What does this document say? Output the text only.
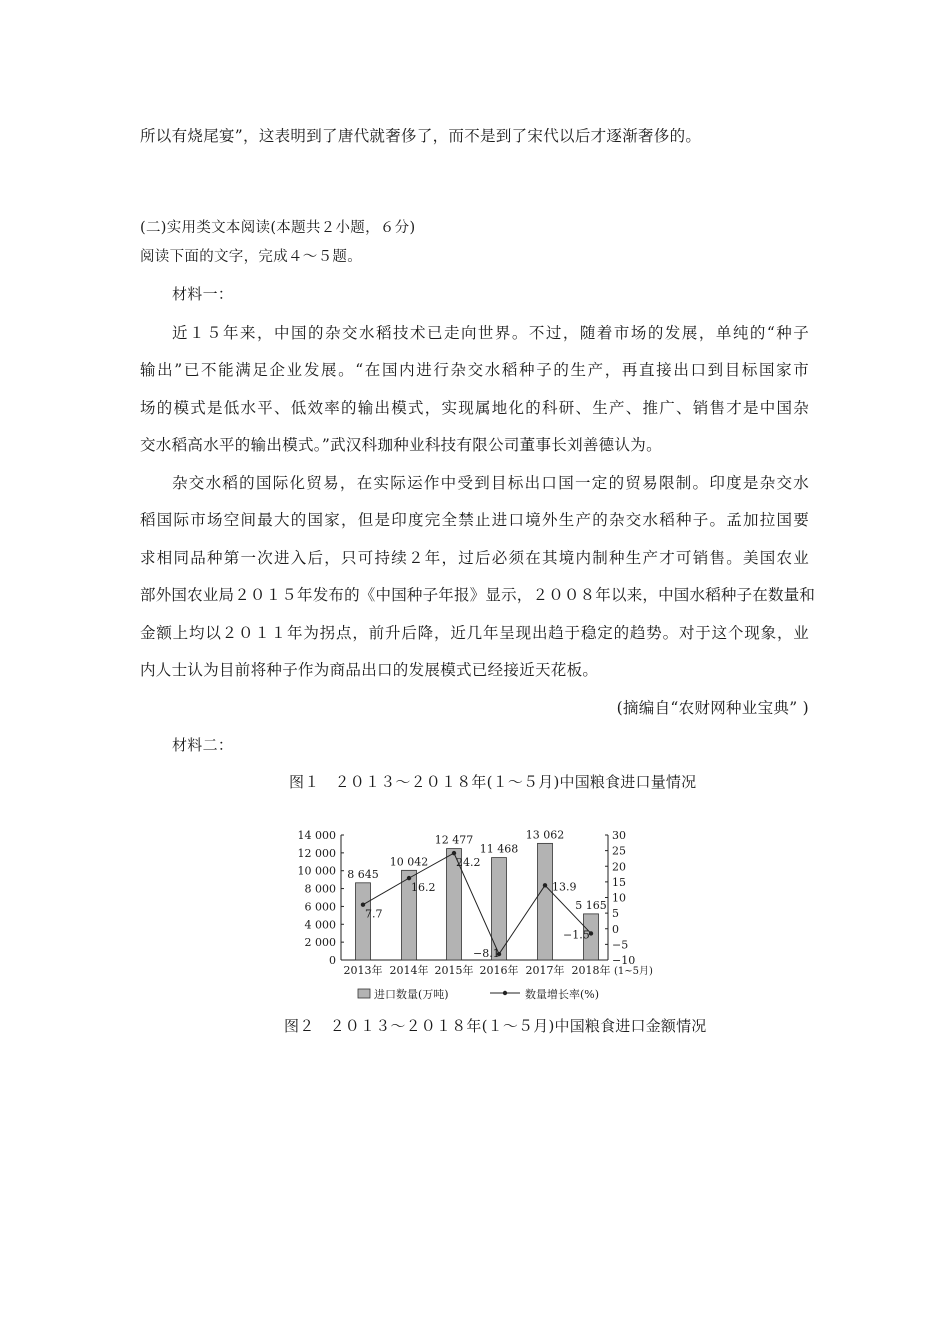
所以有烧尾宴”，这表明到了唐代就奢侈了，而不是到了宋代以后才逐渐奢侈的。
(二)实用类文本阅读(本题共２小题，６分)
阅读下面的文字，完成４～５题。
材料一：
近１５年来，中国的杂交水稻技术已走向世界。不过，随着市场的发展，单纯的“种子
输出”已不能满足企业发展。“在国内进行杂交水稻种子的生产，再直接出口到目标国家市
场的模式是低水平、低效率的输出模式，实现属地化的科研、生产、推广、销售才是中国杂
交水稻高水平的输出模式。”武汉科珈种业科技有限公司董事长刘善德认为。
杂交水稻的国际化贸易，在实际运作中受到目标出口国一定的贸易限制。印度是杂交水
稻国际市场空间最大的国家，但是印度完全禁止进口境外生产的杂交水稻种子。孟加拉国要
求相同品种第一次进入后，只可持续２年，过后必须在其境内制种生产才可销售。美国农业
部外国农业局２０１５年发布的《中国种子年报》显示，２００８年以来，中国水稻种子在数量和
金额上均以２０１１年为拐点，前升后降，近几年呈现出趋于稳定的趋势。对于这个现象，业
内人士认为目前将种子作为商品出口的发展模式已经接近天花板。
(摘编自“农财网种业宝典” )
材料二：
图１　２０１３～２０１８年(１～５月)中国粮食进口量情况
0
2 000
4 000
6 000
8 000
10 000
12 000
14 000
−10
−5
0
5
10
15
20
25
30
8 645
10 042
12 477
11 468
13 062
5 165
7.7
16.2
24.2
−8.1
13.9
−1.5
2013年 2014年 2015年 2016年 2017年 2018年 (1~5月)
进口数量(万吨)	数量增长率(%)
图２　２０１３～２０１８年(１～５月)中国粮食进口金额情况
